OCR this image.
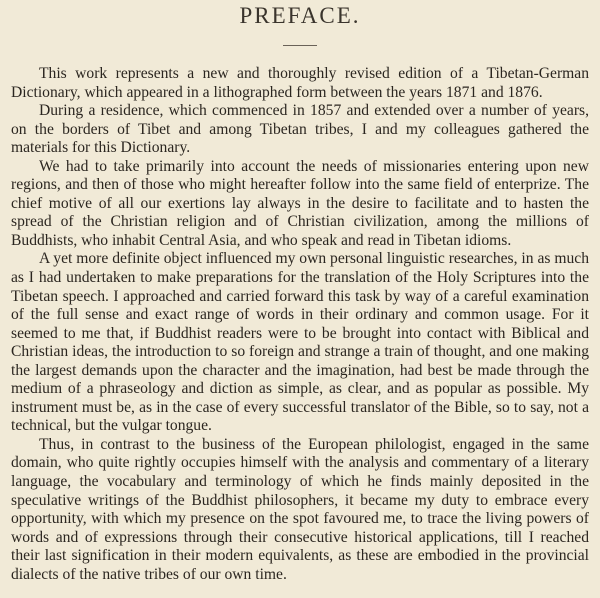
PREFACE.

This work represents a new and thoroughly revised edition of a Tibetan-German Dictionary, which appeared in a lithographed form between the years 1871 and 1876.

During a residence, which commenced in 1857 and extended over a number of years, on the borders of Tibet and among Tibetan tribes, I and my colleagues gathered the materials for this Dictionary.

We had to take primarily into account the needs of missionaries entering upon new regions, and then of those who might hereafter follow into the same field of enterprize. The chief motive of all our exertions lay always in the desire to facilitate and to hasten the spread of the Christian religion and of Christian civilization, among the millions of Buddhists, who inhabit Central Asia, and who speak and read in Tibetan idioms.

A yet more definite object influenced my own personal linguistic researches, in as much as I had undertaken to make preparations for the translation of the Holy Scriptures into the Tibetan speech. I approached and carried forward this task by way of a careful examination of the full sense and exact range of words in their ordinary and common usage. For it seemed to me that, if Buddhist readers were to be brought into contact with Biblical and Christian ideas, the introduction to so foreign and strange a train of thought, and one making the largest demands upon the character and the imagination, had best be made through the medium of a phraseology and diction as simple, as clear, and as popular as possible. My instrument must be, as in the case of every successful translator of the Bible, so to say, not a technical, but the vulgar tongue.

Thus, in contrast to the business of the European philologist, engaged in the same domain, who quite rightly occupies himself with the analysis and commentary of a literary language, the vocabulary and terminology of which he finds mainly deposited in the speculative writings of the Buddhist philosophers, it became my duty to embrace every opportunity, with which my presence on the spot favoured me, to trace the living powers of words and of expressions through their consecutive historical applications, till I reached their last signification in their modern equivalents, as these are embodied in the provincial dialects of the native tribes of our own time.
